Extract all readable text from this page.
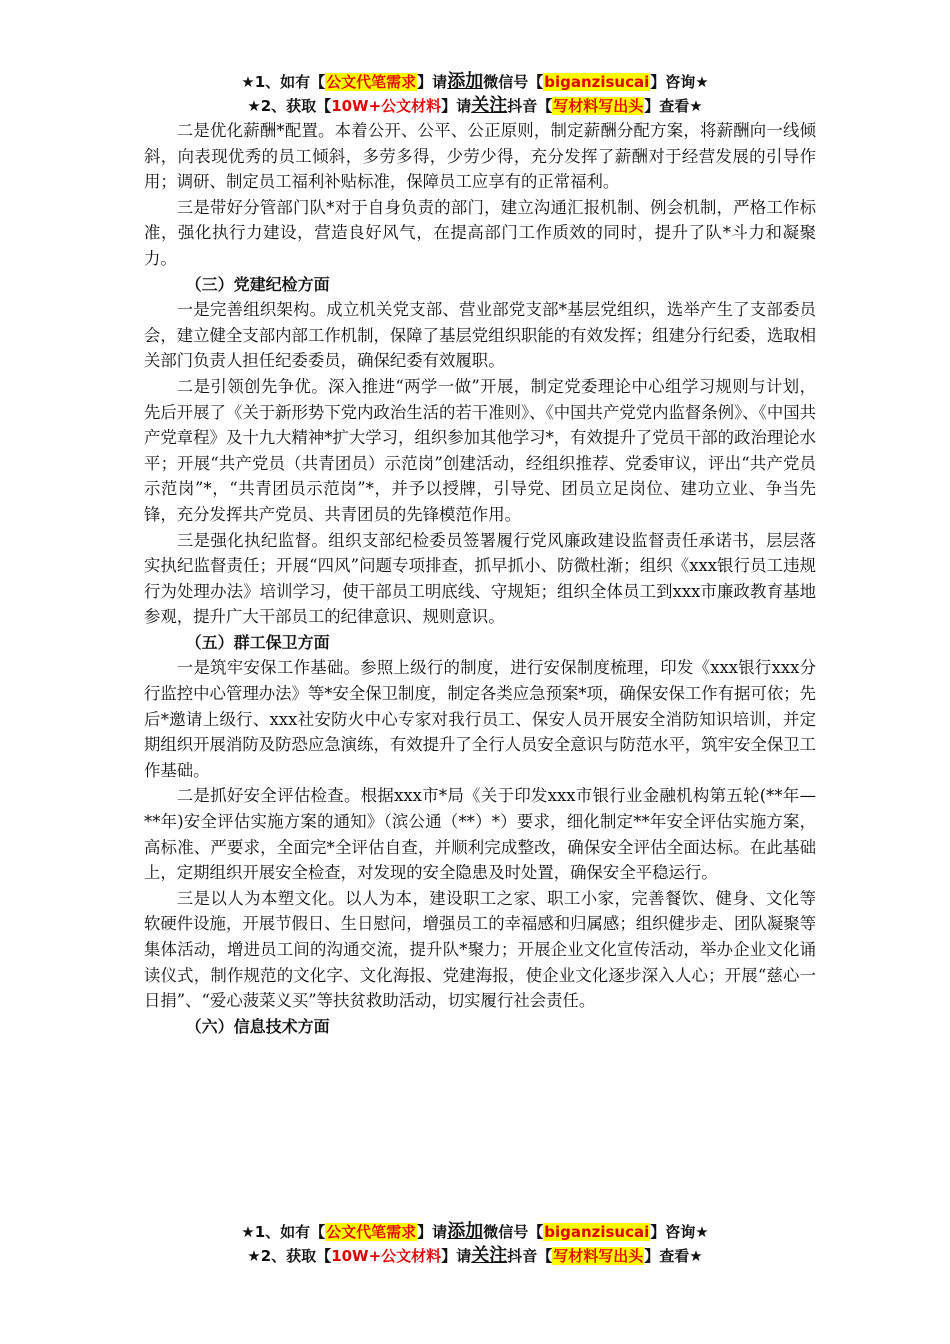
★1、如有【公文代笔需求】请添加微信号【biganzisucai】咨询★
★2、获取【10W+公文材料】请关注抖音【写材料写出头】查看★

二是优化薪酬*配置。本着公开、公平、公正原则，制定薪酬分配方案，将薪酬向一线倾斜，向表现优秀的员工倾斜，多劳多得，少劳少得，充分发挥了薪酬对于经营发展的引导作用；调研、制定员工福利补贴标准，保障员工应享有的正常福利。

三是带好分管部门队*对于自身负责的部门，建立沟通汇报机制、例会机制，严格工作标准，强化执行力建设，营造良好风气，在提高部门工作质效的同时，提升了队*斗力和凝聚力。

（三）党建纪检方面

一是完善组织架构。成立机关党支部、营业部党支部*基层党组织，选举产生了支部委员会，建立健全支部内部工作机制，保障了基层党组织职能的有效发挥；组建分行纪委，选取相关部门负责人担任纪委委员，确保纪委有效履职。

二是引领创先争优。深入推进“两学一做”开展，制定党委理论中心组学习规则与计划，先后开展了《关于新形势下党内政治生活的若干准则》、《中国共产党党内监督条例》、《中国共产党章程》及十九大精神*扩大学习，组织参加其他学习*，有效提升了党员干部的政治理论水平；开展“共产党员（共青团员）示范岗”创建活动，经组织推荐、党委审议，评出“共产党员示范岗”*，“共青团员示范岗”*，并予以授牌，引导党、团员立足岗位、建功立业、争当先锋，充分发挥共产党员、共青团员的先锋模范作用。

三是强化执纪监督。组织支部纪检委员签署履行党风廉政建设监督责任承诺书，层层落实执纪监督责任；开展“四风”问题专项排查，抓早抓小、防微杜渐；组织《xxx银行员工违规行为处理办法》培训学习，使干部员工明底线、守规矩；组织全体员工到xxx市廉政教育基地参观，提升广大干部员工的纪律意识、规则意识。

（五）群工保卫方面

一是筑牢安保工作基础。参照上级行的制度，进行安保制度梳理，印发《xxx银行xxx分行监控中心管理办法》等*安全保卫制度，制定各类应急预案*项，确保安保工作有据可依；先后*邀请上级行、xxx社安防火中心专家对我行员工、保安人员开展安全消防知识培训，并定期组织开展消防及防恐应急演练，有效提升了全行人员安全意识与防范水平，筑牢安全保卫工作基础。

二是抓好安全评估检查。根据xxx市*局《关于印发xxx市银行业金融机构第五轮(**年—**年)安全评估实施方案的通知》（滨公通（**）*）要求，细化制定**年安全评估实施方案，高标准、严要求，全面完*全评估自查，并顺利完成整改，确保安全评估全面达标。在此基础上，定期组织开展安全检查，对发现的安全隐患及时处置，确保安全平稳运行。

三是以人为本塑文化。以人为本，建设职工之家、职工小家，完善餐饮、健身、文化等软硬件设施，开展节假日、生日慰问，增强员工的幸福感和归属感；组织健步走、团队凝聚等集体活动，增进员工间的沟通交流，提升队*聚力；开展企业文化宣传活动，举办企业文化诵读仪式，制作规范的文化字、文化海报、党建海报，使企业文化逐步深入人心；开展“慈心一日捐”、“爱心菠菜义买”等扶贫救助活动，切实履行社会责任。

（六）信息技术方面

★1、如有【公文代笔需求】请添加微信号【biganzisucai】咨询★
★2、获取【10W+公文材料】请关注抖音【写材料写出头】查看★
